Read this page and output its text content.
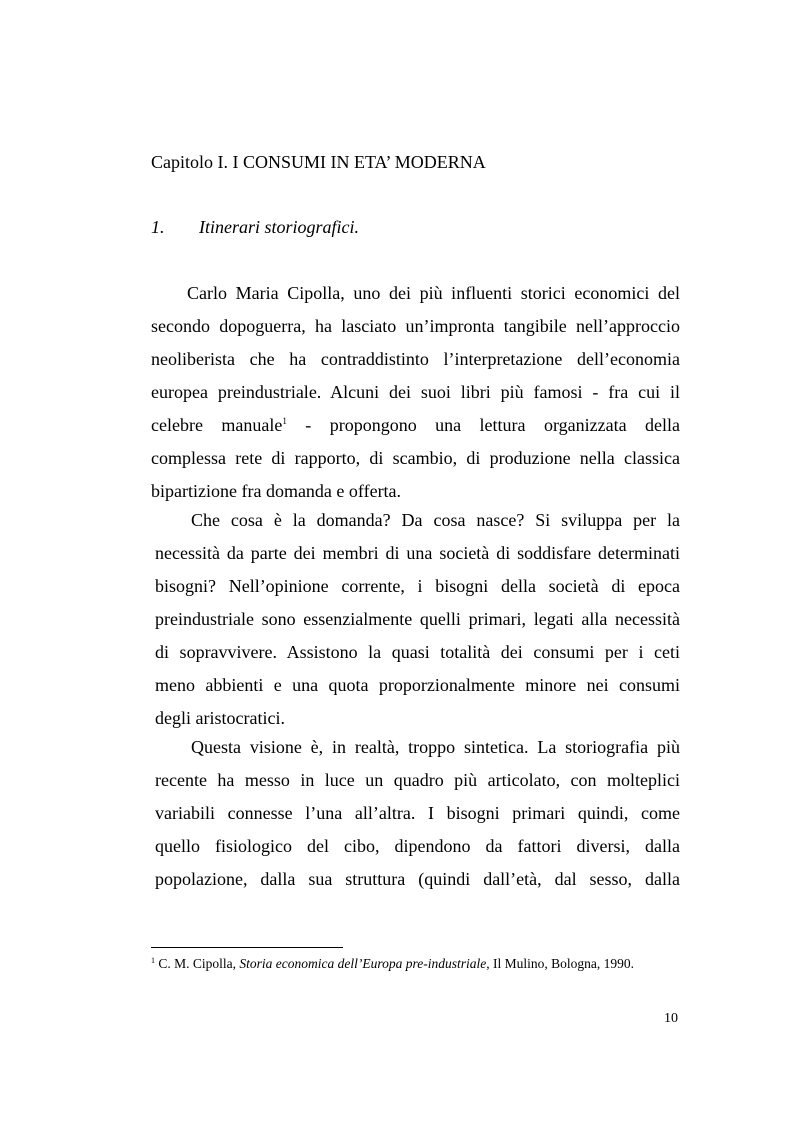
Capitolo I. I CONSUMI IN ETA’ MODERNA
1. Itinerari storiografici.
Carlo Maria Cipolla, uno dei più influenti storici economici del
secondo dopoguerra, ha lasciato un’impronta tangibile nell’approccio
neoliberista che ha contraddistinto l’interpretazione dell’economia
europea preindustriale. Alcuni dei suoi libri più famosi - fra cui il
celebre manuale$^1$ - propongono una lettura organizzata della
complessa rete di rapporto, di scambio, di produzione nella classica
bipartizione fra domanda e offerta.
Che cosa è la domanda? Da cosa nasce? Si sviluppa per la
necessità da parte dei membri di una società di soddisfare determinati
bisogni? Nell’opinione corrente, i bisogni della società di epoca
preindustriale sono essenzialmente quelli primari, legati alla necessità
di sopravvivere. Assistono la quasi totalità dei consumi per i ceti
meno abbienti e una quota proporzionalmente minore nei consumi
degli aristocratici.
Questa visione è, in realtà, troppo sintetica. La storiografia più
recente ha messo in luce un quadro più articolato, con molteplici
variabili connesse l’una all’altra. I bisogni primari quindi, come
quello fisiologico del cibo, dipendono da fattori diversi, dalla
popolazione, dalla sua struttura (quindi dall’età, dal sesso, dalla
$^1$ C. M. Cipolla, Storia economica dell’Europa pre-industriale, Il Mulino, Bologna, 1990.
10
